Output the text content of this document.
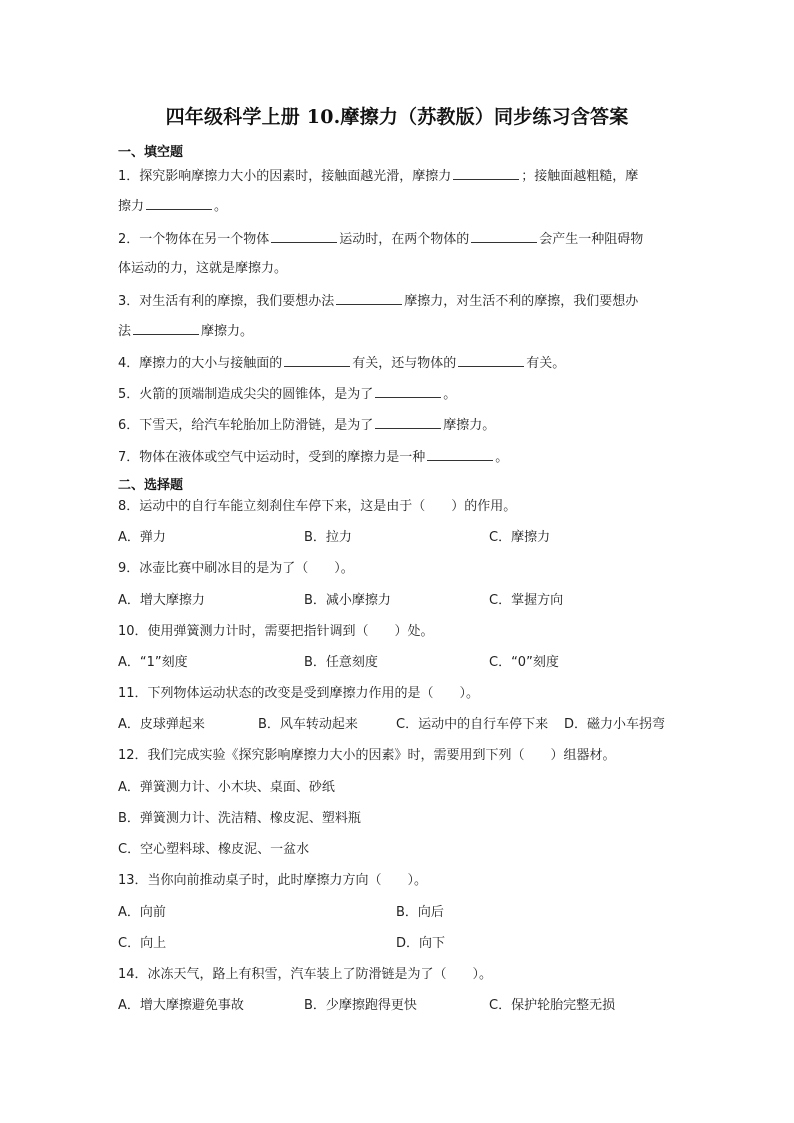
四年级科学上册 10.摩擦力（苏教版）同步练习含答案
一、填空题
1．探究影响摩擦力大小的因素时，接触面越光滑，摩擦力	；接触面越粗糙，摩
擦力	。
2．一个物体在另一个物体	运动时，在两个物体的	会产生一种阻碍物
体运动的力，这就是摩擦力。
3．对生活有利的摩擦，我们要想办法	摩擦力，对生活不利的摩擦，我们要想办
法	摩擦力。
4．摩擦力的大小与接触面的	有关，还与物体的	有关。
5．火箭的顶端制造成尖尖的圆锥体，是为了	。
6．下雪天，给汽车轮胎加上防滑链，是为了	摩擦力。
7．物体在液体或空气中运动时，受到的摩擦力是一种	。
二、选择题
8．运动中的自行车能立刻刹住车停下来，这是由于（　　）的作用。
A．弹力	B．拉力	C．摩擦力
9．冰壶比赛中刷冰目的是为了（　　）。
A．增大摩擦力	B．减小摩擦力	C．掌握方向
10．使用弹簧测力计时，需要把指针调到（　　）处。
A．“1”刻度	B．任意刻度	C．“0”刻度
11．下列物体运动状态的改变是受到摩擦力作用的是（　　）。
A．皮球弹起来	B．风车转动起来	C．运动中的自行车停下来 D．磁力小车拐弯
12．我们完成实验《探究影响摩擦力大小的因素》时，需要用到下列（　　）组器材。
A．弹簧测力计、小木块、桌面、砂纸
B．弹簧测力计、洗洁精、橡皮泥、塑料瓶
C．空心塑料球、橡皮泥、一盆水
13．当你向前推动桌子时，此时摩擦力方向（　　）。
A．向前	B．向后
C．向上	D．向下
14．冰冻天气，路上有积雪，汽车装上了防滑链是为了（　　）。
A．增大摩擦避免事故	B．少摩擦跑得更快	C．保护轮胎完整无损
